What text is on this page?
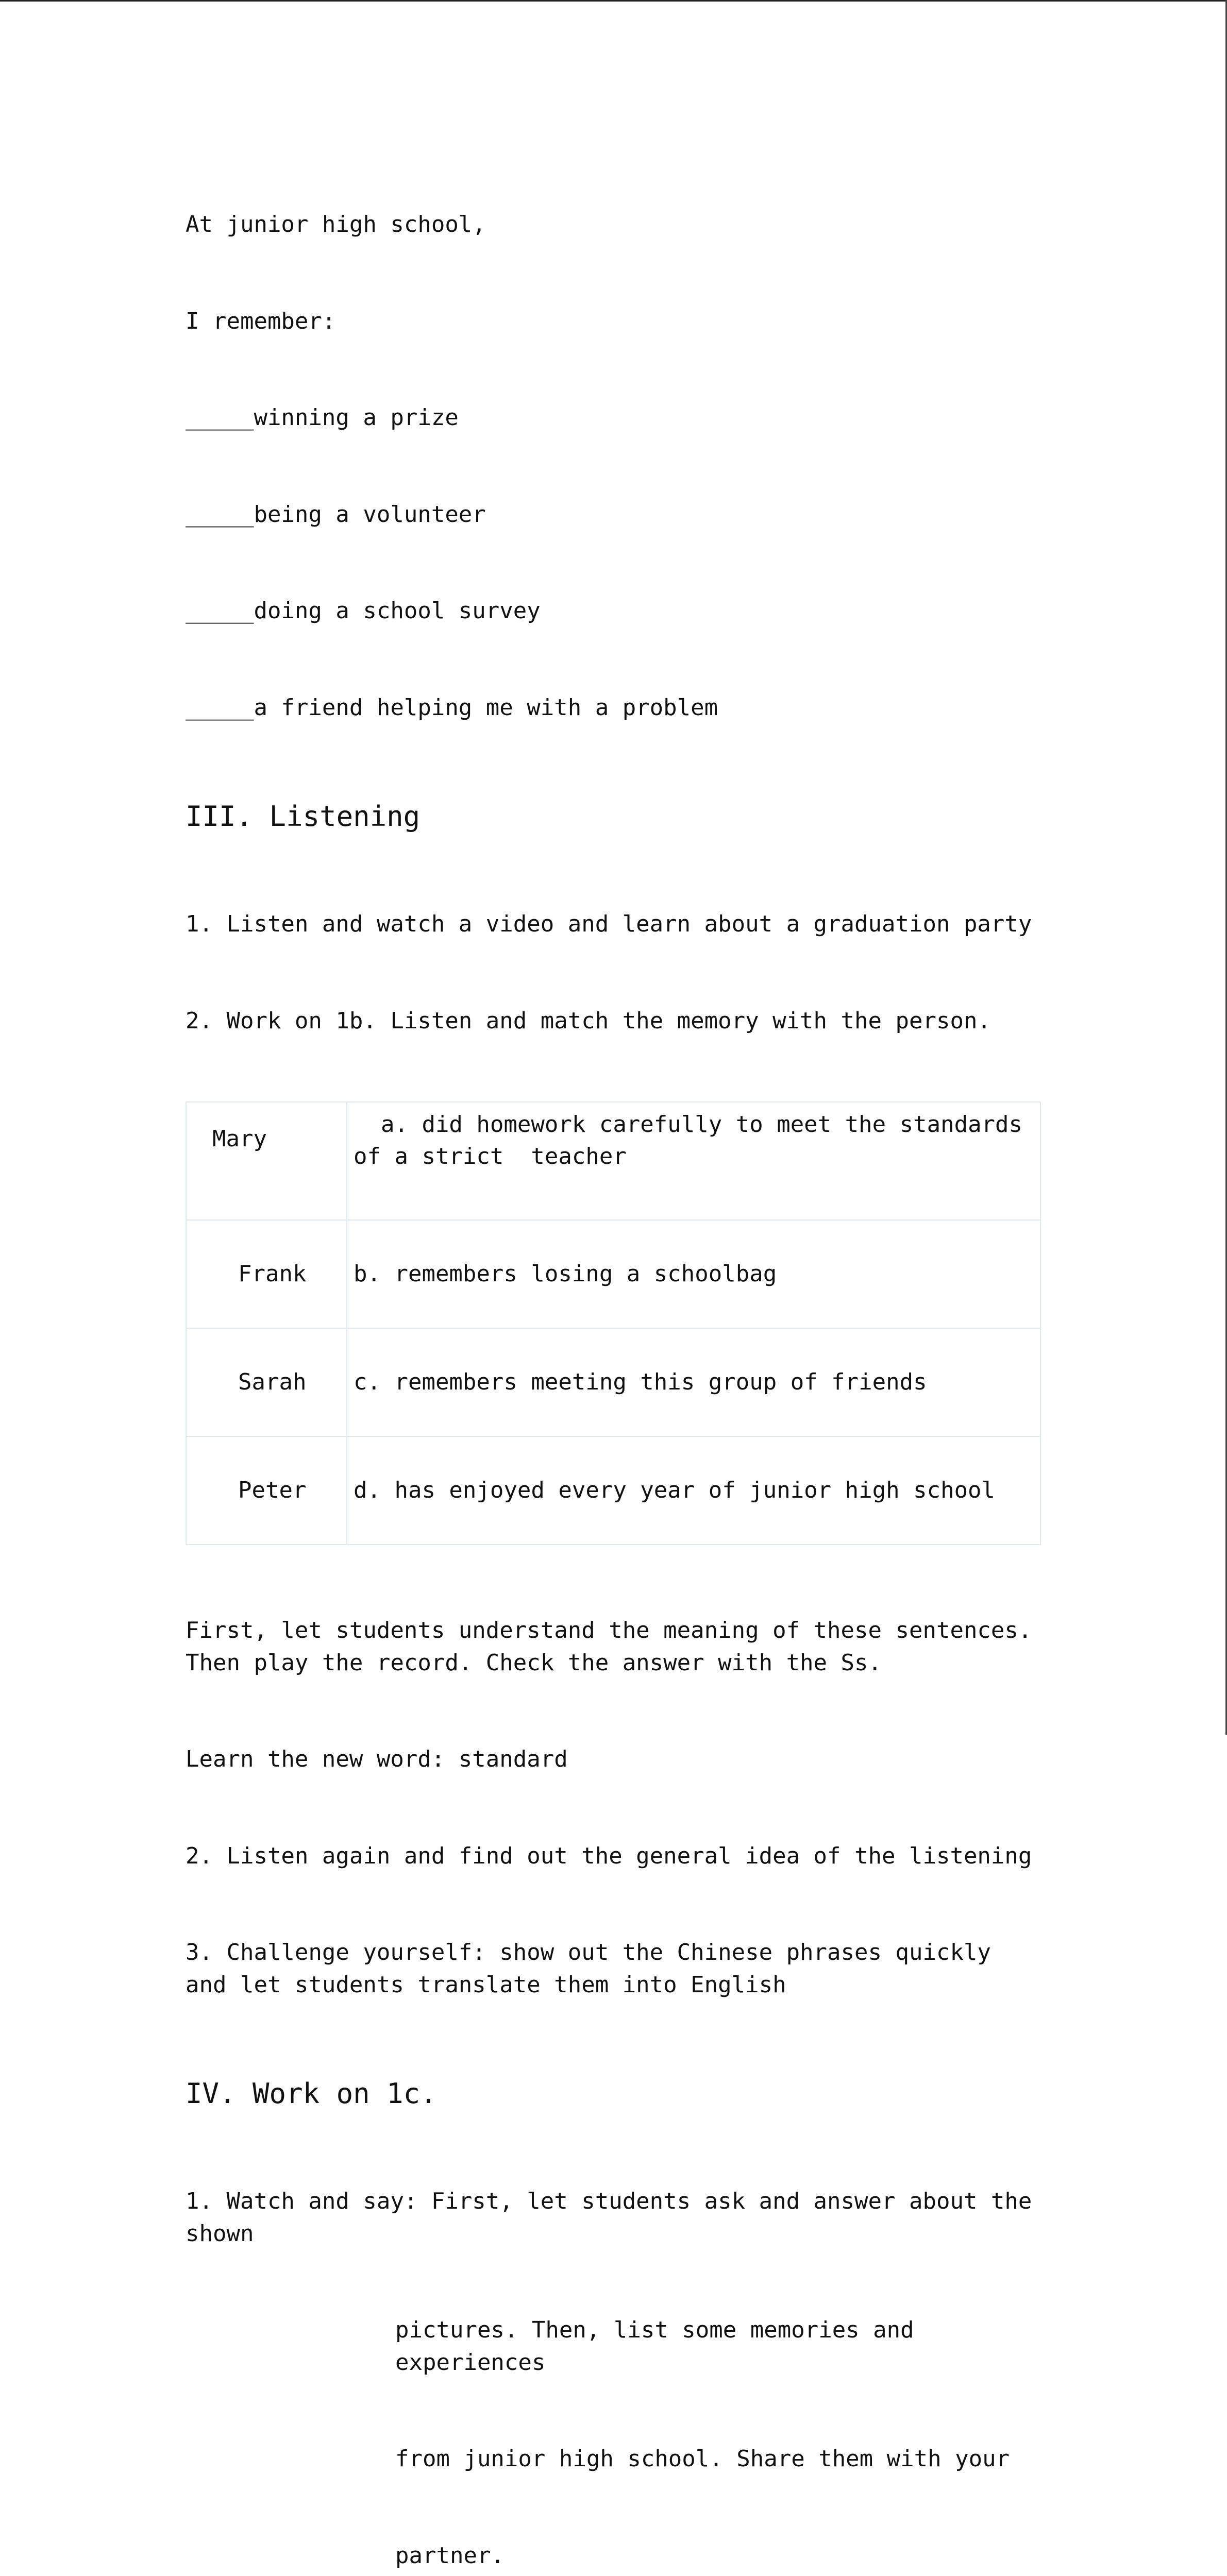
At junior high school,

I remember:

_____winning a prize

_____being a volunteer

_____doing a school survey

_____a friend helping me with a problem

III. Listening

1. Listen and watch a video and learn about a graduation party

2. Work on 1b. Listen and match the memory with the person.

Mary	a. did homework carefully to meet the standards of a strict  teacher
Frank	b. remembers losing a schoolbag
Sarah	c. remembers meeting this group of friends
Peter	d. has enjoyed every year of junior high school

First, let students understand the meaning of these sentences. Then play the record. Check the answer with the Ss.

Learn the new word: standard

2. Listen again and find out the general idea of the listening

3. Challenge yourself: show out the Chinese phrases quickly and let students translate them into English

IV. Work on 1c.

1. Watch and say: First, let students ask and answer about the shown

pictures. Then, list some memories and experiences

from junior high school. Share them with your

partner.
